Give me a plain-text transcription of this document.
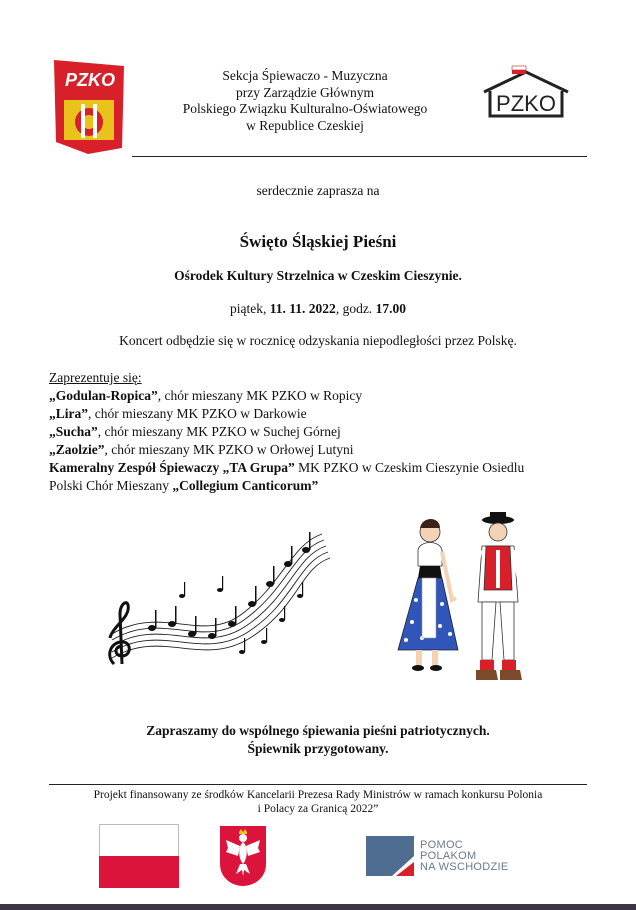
PZKO	Sekcja Śpiewaczo - Muzyczna
przy Zarządzie Głównym
Polskiego Związku Kulturalno-Oświatowego
w Republice Czeskiej
PZKO
serdecznie zaprasza na
Święto Śląskiej Pieśni
Ośrodek Kultury Strzelnica w Czeskim Cieszynie.
piątek, 11. 11. 2022, godz. 17.00
Koncert odbędzie się w rocznicę odzyskania niepodległości przez Polskę.
Zaprezentuje się:
„Godulan-Ropica”, chór mieszany MK PZKO w Ropicy
„Lira”, chór mieszany MK PZKO w Darkowie
„Sucha”, chór mieszany MK PZKO w Suchej Górnej
„Zaolzie”, chór mieszany MK PZKO w Orłowej Lutyni
Kameralny Zespół Śpiewaczy „TA Grupa” MK PZKO w Czeskim Cieszynie Osiedlu
Polski Chór Mieszany „Collegium Canticorum”
Zapraszamy do wspólnego śpiewania pieśni patriotycznych.
Śpiewnik przygotowany.
Projekt finansowany ze środków Kancelarii Prezesa Rady Ministrów w ramach konkursu Polonia
i Polacy za Granicą 2022”
POMOC
POLAKOM
NA WSCHODZIE
